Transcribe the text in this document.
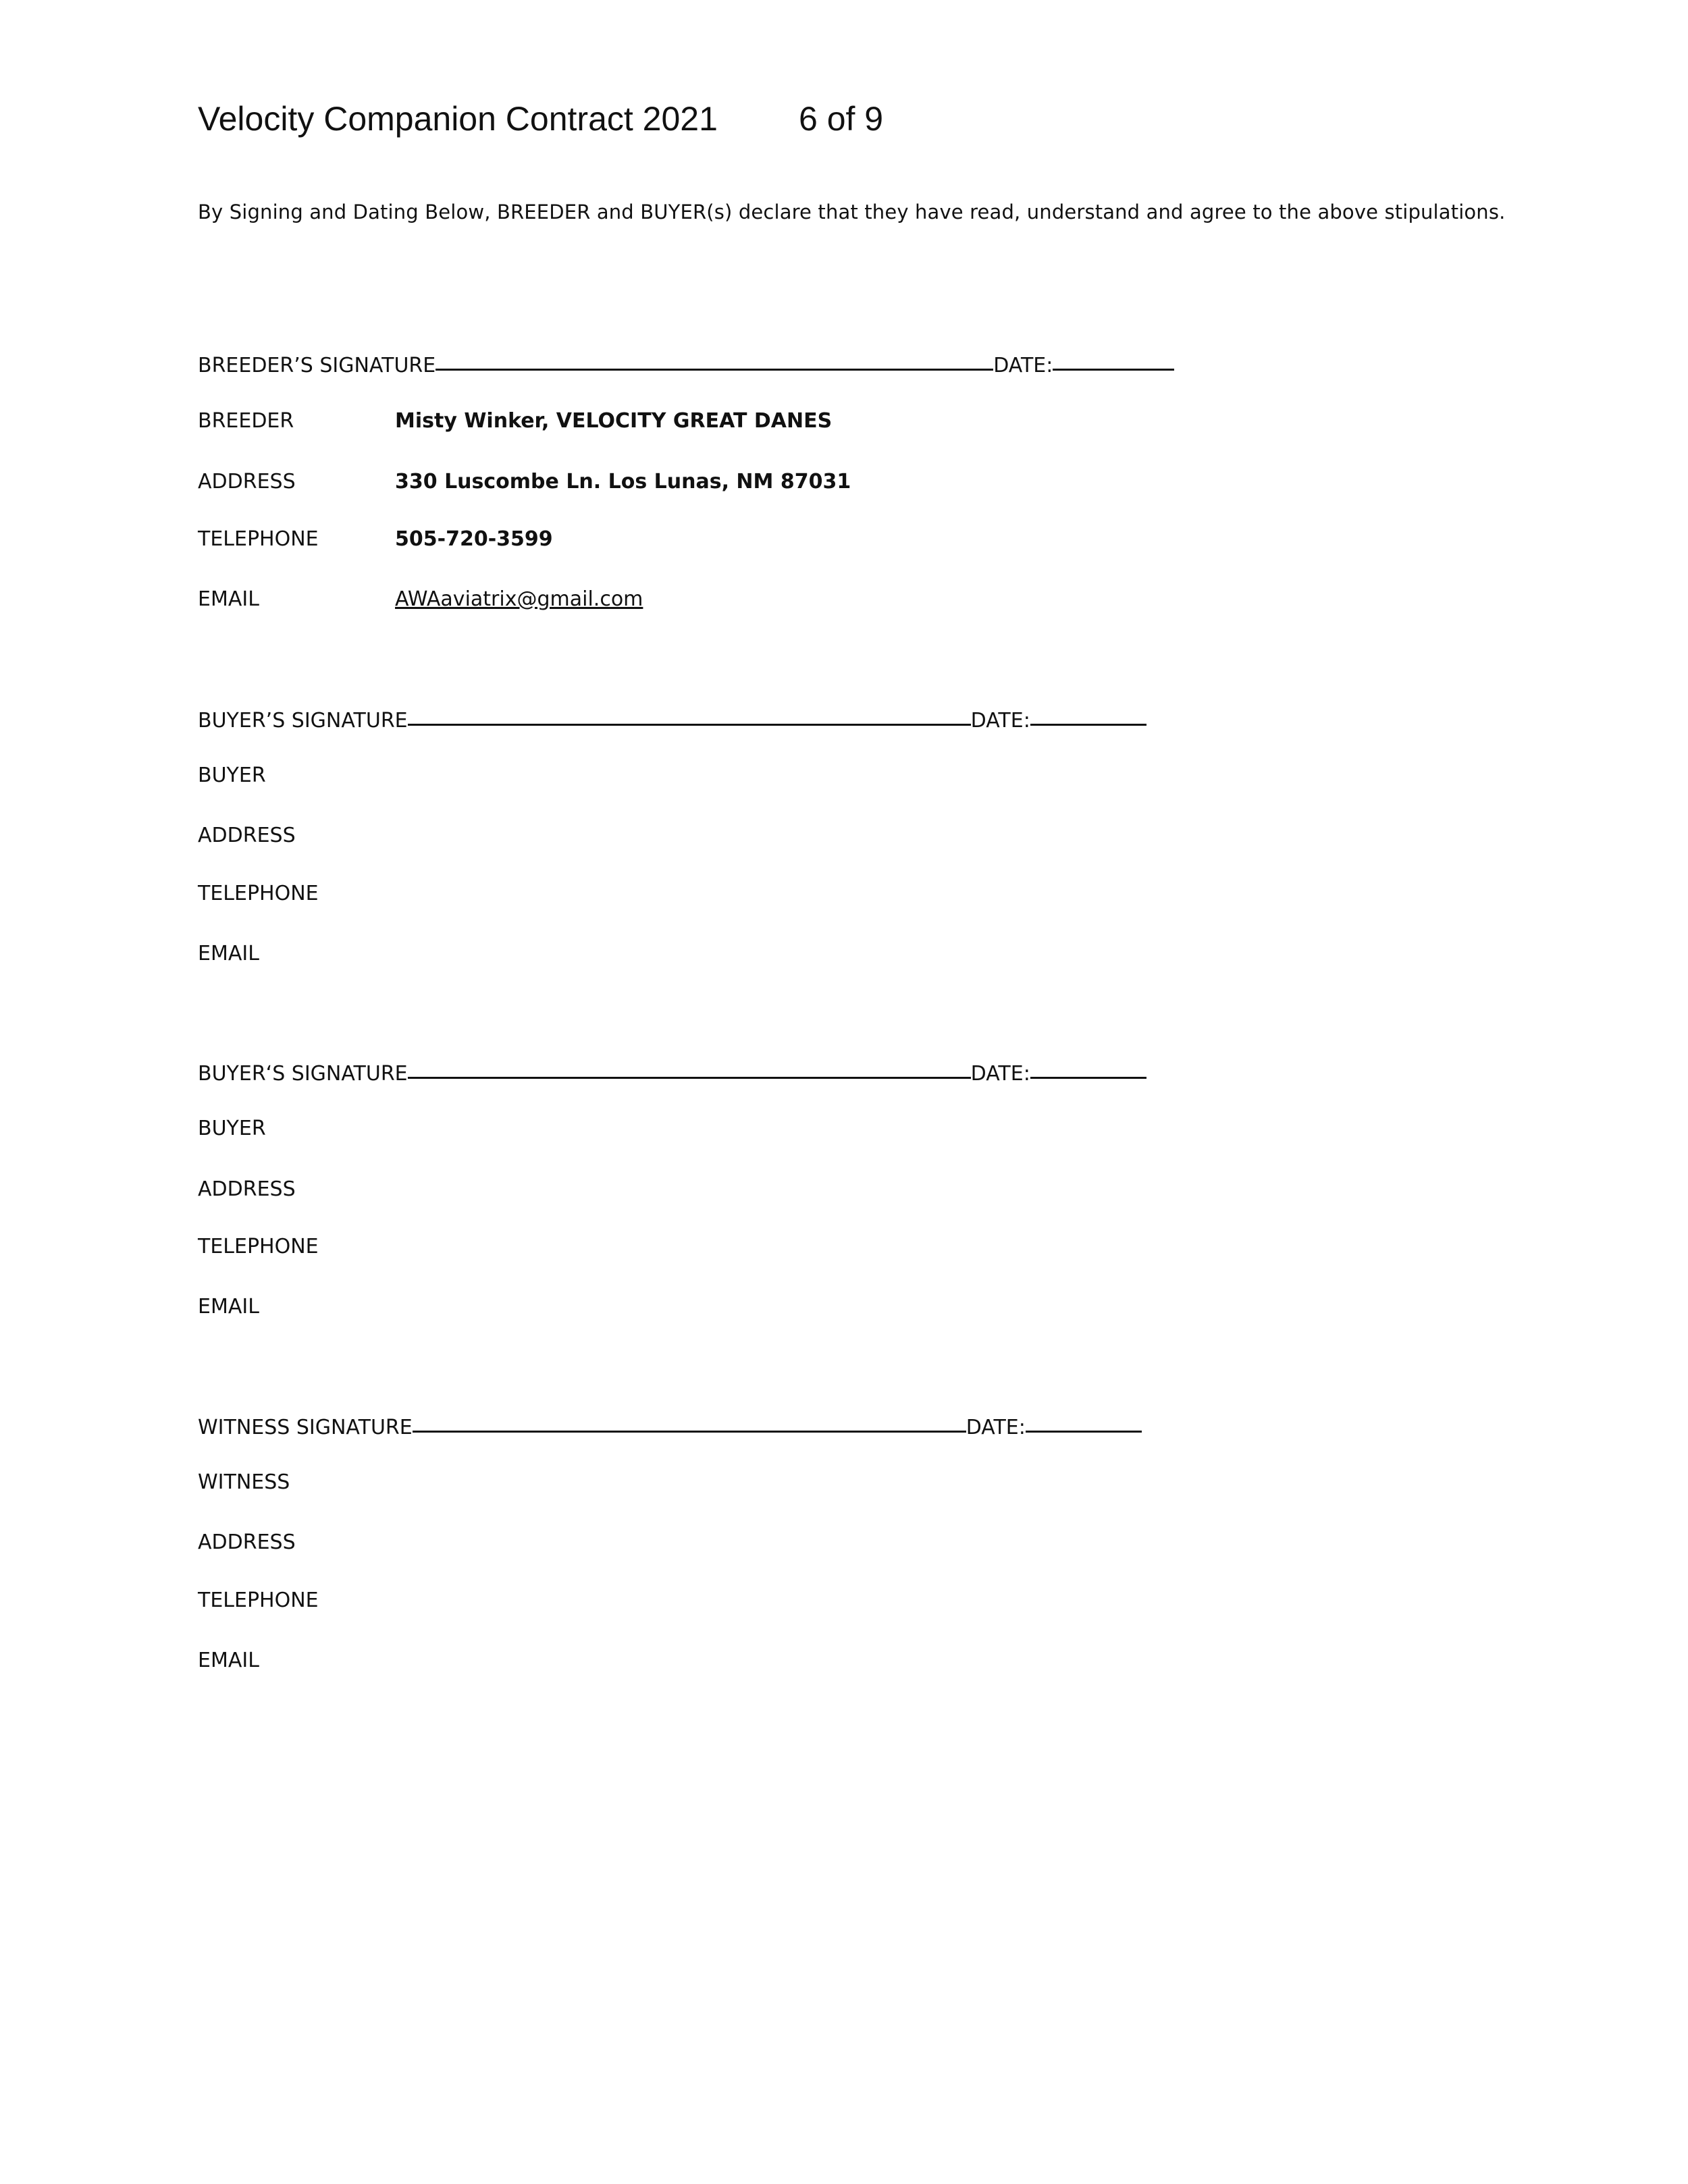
Velocity Companion Contract 2021 6 of 9
By Signing and Dating Below, BREEDER and BUYER(s) declare that they have read, understand and agree to the above stipulations.
BREEDER’S SIGNATURE	DATE:
BREEDER	Misty Winker, VELOCITY GREAT DANES
ADDRESS	330 Luscombe Ln. Los Lunas, NM 87031
TELEPHONE	505-720-3599
EMAIL	AWAaviatrix@gmail.com
BUYER’S SIGNATURE	DATE:
BUYER
ADDRESS
TELEPHONE
EMAIL
BUYER‘S SIGNATURE	DATE:
BUYER
ADDRESS
TELEPHONE
EMAIL
WITNESS SIGNATURE	DATE:
WITNESS
ADDRESS
TELEPHONE
EMAIL
